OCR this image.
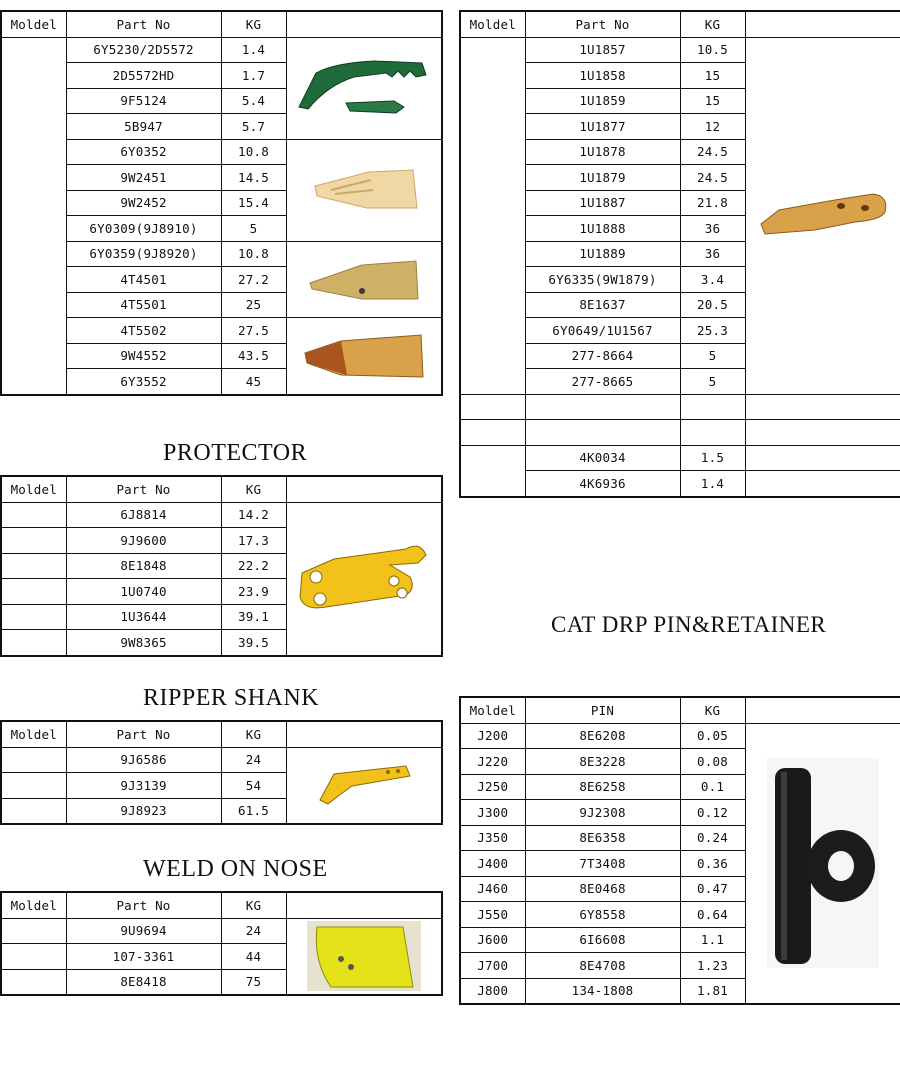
Moldel	Part No	KG	
	6Y5230/2D5572	1.4	

	2D5572HD	1.7	
	9F5124	5.4	
	5B947	5.7	
	6Y0352	10.8	

	9W2451	14.5	
	9W2452	15.4	
	6Y0309(9J8910)	5	
	6Y0359(9J8920)	10.8	

	4T4501	27.2	
	4T5501	25	
	4T5502	27.5	

	9W4552	43.5	
	6Y3552	45	
Moldel	Part No	KG	
	1U1857	10.5	

	1U1858	15	
	1U1859	15	
	1U1877	12	
	1U1878	24.5	
	1U1879	24.5	
	1U1887	21.8	
	1U1888	36	
	1U1889	36	
	6Y6335(9W1879)	3.4	
	8E1637	20.5	
	6Y0649/1U1567	25.3	
	277-8664	5	
	277-8665	5	

	4K0034	1.5	
	4K6936	1.4	
PROTECTOR
Moldel	Part No	KG	
	6J8814	14.2	

	9J9600	17.3	
	8E1848	22.2	
	1U0740	23.9	
	1U3644	39.1	
	9W8365	39.5	
RIPPER SHANK
Moldel	Part No	KG	
	9J6586	24	

	9J3139	54	
	9J8923	61.5	
WELD ON NOSE
Moldel	Part No	KG	
	9U9694	24	

	107-3361	44	
	8E8418	75	
CAT DRP PIN&RETAINER
Moldel	PIN	KG	
J200	8E6208	0.05	

J220	8E3228	0.08	
J250	8E6258	0.1	
J300	9J2308	0.12	
J350	8E6358	0.24	
J400	7T3408	0.36	
J460	8E0468	0.47	
J550	6Y8558	0.64	
J600	6I6608	1.1	
J700	8E4708	1.23	
J800	134-1808	1.81	
